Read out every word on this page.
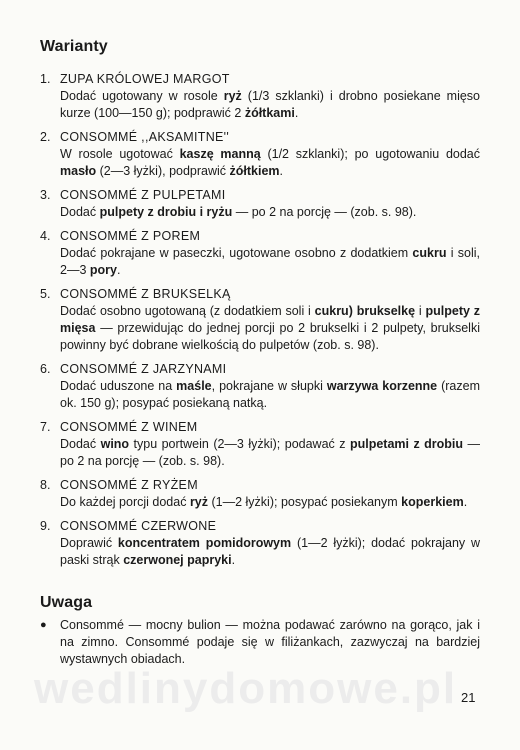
wedlinydomowe.pl
Warianty
1. ZUPA KRÓLOWEJ MARGOT
Dodać ugotowany w rosole ryż (1/3 szklanki) i drobno posiekane mięso kurze (100—150 g); podprawić 2 żółtkami.
2. CONSOMMÉ ,,AKSAMITNE''
W rosole ugotować kaszę manną (1/2 szklanki); po ugotowaniu dodać masło (2—3 łyżki), podprawić żółtkiem.
3. CONSOMMÉ Z PULPETAMI
Dodać pulpety z drobiu i ryżu — po 2 na porcję — (zob. s. 98).
4. CONSOMMÉ Z POREM
Dodać pokrajane w paseczki, ugotowane osobno z dodatkiem cukru i soli, 2—3 pory.
5. CONSOMMÉ Z BRUKSELKĄ
Dodać osobno ugotowaną (z dodatkiem soli i cukru) brukselkę i pulpety z mięsa — przewidując do jednej porcji po 2 brukselki i 2 pulpety, brukselki powinny być dobrane wielkością do pulpetów (zob. s. 98).
6. CONSOMMÉ Z JARZYNAMI
Dodać uduszone na maśle, pokrajane w słupki warzywa korzenne (razem ok. 150 g); posypać posiekaną natką.
7. CONSOMMÉ Z WINEM
Dodać wino typu portwein (2—3 łyżki); podawać z pulpetami z drobiu — po 2 na porcję — (zob. s. 98).
8. CONSOMMÉ Z RYŻEM
Do każdej porcji dodać ryż (1—2 łyżki); posypać posiekanym koperkiem.
9. CONSOMMÉ CZERWONE
Doprawić koncentratem pomidorowym (1—2 łyżki); dodać pokrajany w paski strąk czerwonej papryki.
Uwaga
●	Consommé — mocny bulion — można podawać zarówno na gorąco, jak i na zimno. Consommé podaje się w filiżankach, zazwyczaj na bardziej wystawnych obiadach.
21
